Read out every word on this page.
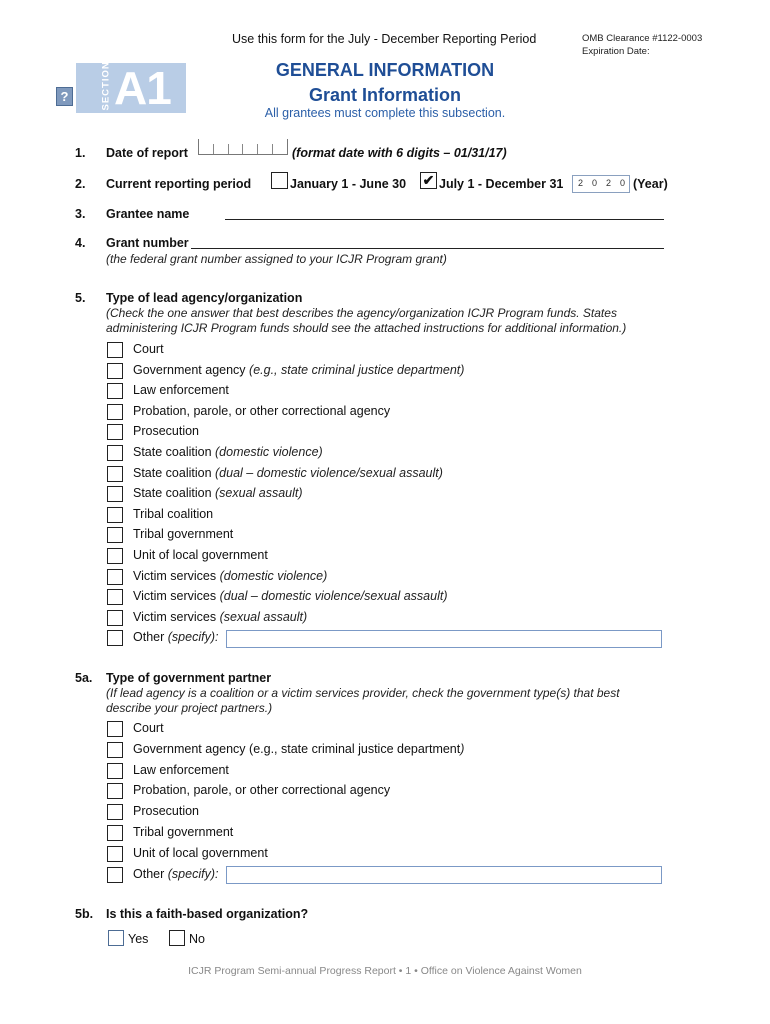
Use this form for the July - December Reporting Period	OMB Clearance #1122-0003
Expiration Date:
?	SECTION A1	GENERAL INFORMATION
Grant Information
All grantees must complete this subsection.
1. Date of report	(format date with 6 digits – 01/31/17)
2. Current reporting period	January 1 - June 30 ✔ July 1 - December 31 2 0 2 0 (Year)
3. Grantee name
4. Grant number
(the federal grant number assigned to your ICJR Program grant)
5. Type of lead agency/organization
(Check the one answer that best describes the agency/organization ICJR Program funds. States
administering ICJR Program funds should see the attached instructions for additional information.)
Court
Government agency (e.g., state criminal justice department)
Law enforcement
Probation, parole, or other correctional agency
Prosecution
State coalition (domestic violence)
State coalition (dual – domestic violence/sexual assault)
State coalition (sexual assault)
Tribal coalition
Tribal government
Unit of local government
Victim services (domestic violence)
Victim services (dual – domestic violence/sexual assault)
Victim services (sexual assault)
Other (specify):
5a. Type of government partner
(If lead agency is a coalition or a victim services provider, check the government type(s) that best
describe your project partners.)
Court
Government agency (e.g., state criminal justice department)
Law enforcement
Probation, parole, or other correctional agency
Prosecution
Tribal government
Unit of local government
Other (specify):
5b. Is this a faith-based organization?
Yes	No
ICJR Program Semi-annual Progress Report • 1 • Office on Violence Against Women
